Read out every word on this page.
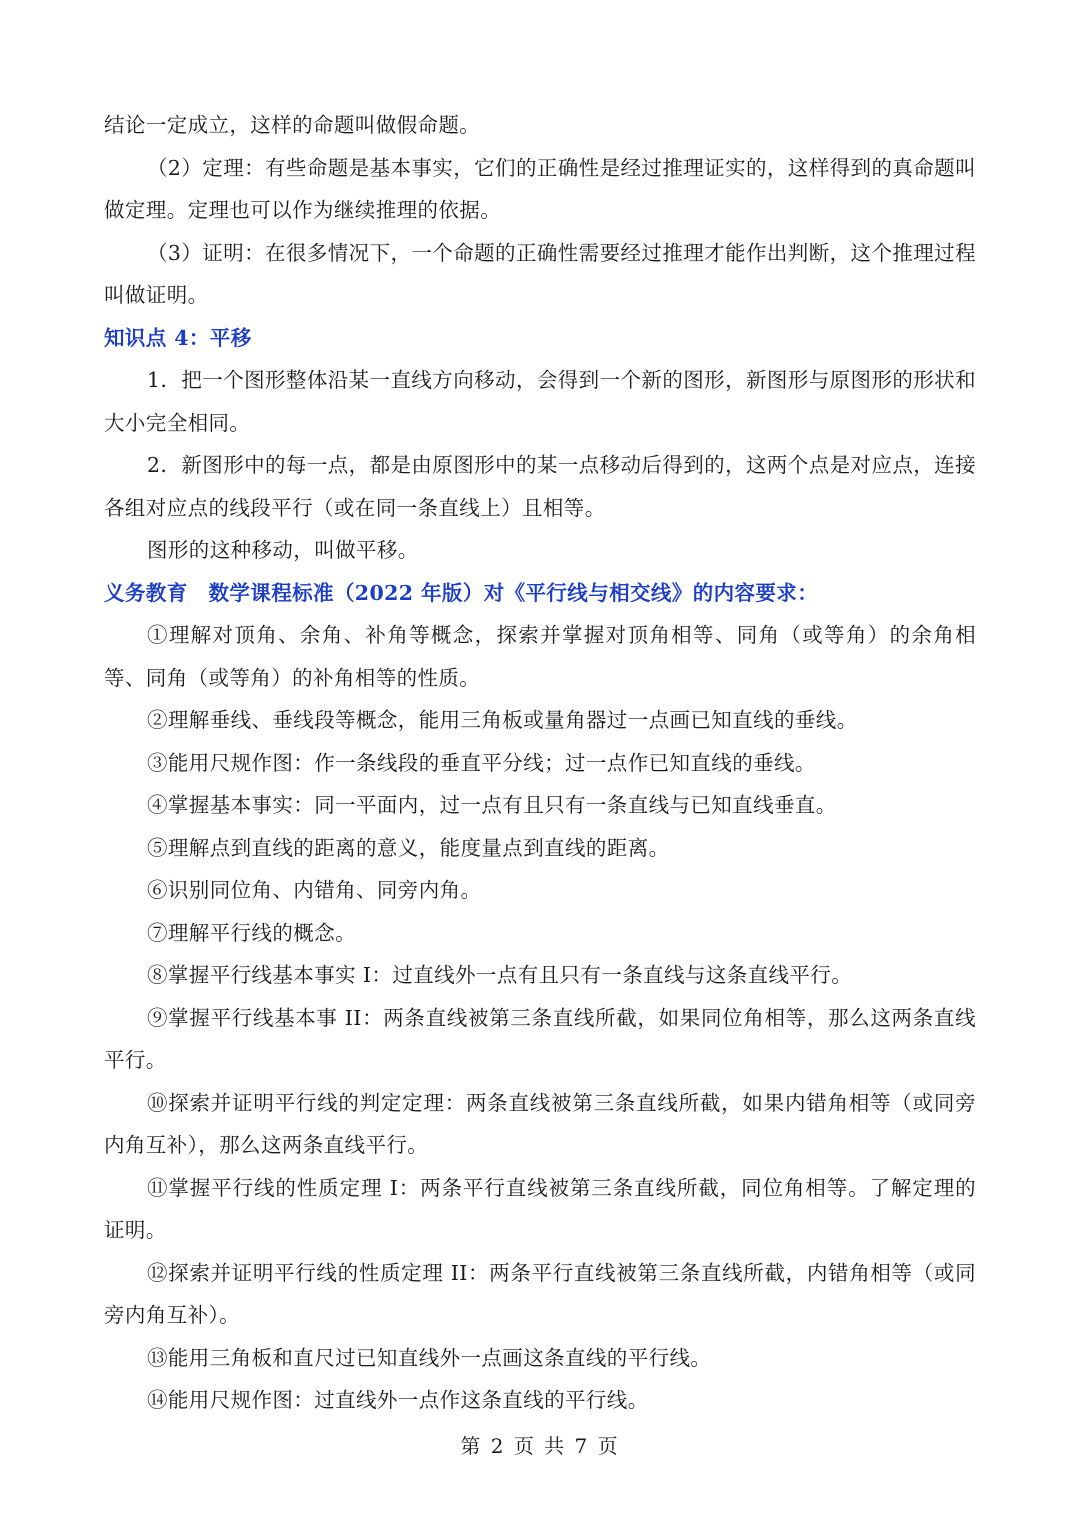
结论一定成立，这样的命题叫做假命题。

（2）定理：有些命题是基本事实，它们的正确性是经过推理证实的，这样得到的真命题叫做定理。定理也可以作为继续推理的依据。

（3）证明：在很多情况下，一个命题的正确性需要经过推理才能作出判断，这个推理过程叫做证明。

知识点 4：平移

1．把一个图形整体沿某一直线方向移动，会得到一个新的图形，新图形与原图形的形状和大小完全相同。

2．新图形中的每一点，都是由原图形中的某一点移动后得到的，这两个点是对应点，连接各组对应点的线段平行（或在同一条直线上）且相等。

图形的这种移动，叫做平移。

义务教育　数学课程标准（2022 年版）对《平行线与相交线》的内容要求：

①理解对顶角、余角、补角等概念，探索并掌握对顶角相等、同角（或等角）的余角相等、同角（或等角）的补角相等的性质。

②理解垂线、垂线段等概念，能用三角板或量角器过一点画已知直线的垂线。

③能用尺规作图：作一条线段的垂直平分线；过一点作已知直线的垂线。

④掌握基本事实：同一平面内，过一点有且只有一条直线与已知直线垂直。

⑤理解点到直线的距离的意义，能度量点到直线的距离。

⑥识别同位角、内错角、同旁内角。

⑦理解平行线的概念。

⑧掌握平行线基本事实 I：过直线外一点有且只有一条直线与这条直线平行。

⑨掌握平行线基本事 II：两条直线被第三条直线所截，如果同位角相等，那么这两条直线平行。

⑩探索并证明平行线的判定定理：两条直线被第三条直线所截，如果内错角相等（或同旁内角互补），那么这两条直线平行。

⑪掌握平行线的性质定理 I：两条平行直线被第三条直线所截，同位角相等。了解定理的证明。

⑫探索并证明平行线的性质定理 II：两条平行直线被第三条直线所截，内错角相等（或同旁内角互补）。

⑬能用三角板和直尺过已知直线外一点画这条直线的平行线。

⑭能用尺规作图：过直线外一点作这条直线的平行线。

第 2 页 共 7 页
